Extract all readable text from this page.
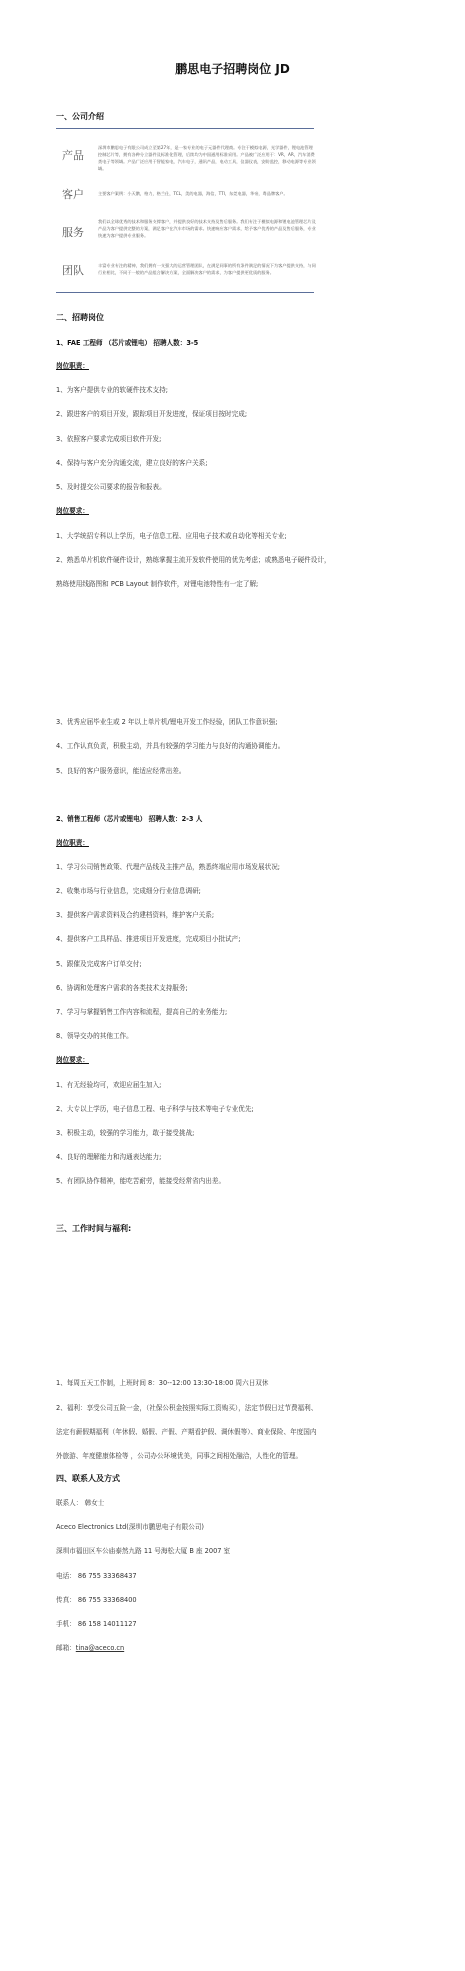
鹏思电子招聘岗位 JD
一、公司介绍
产品
深圳市鹏思电子有限公司成立至第27年，是一家专业的电子元器件代理商。专注于模拟电源，光学器件，锂电池管理控制芯片等，拥有各种分立器件及标准化管理，后续均为中国通用标准采用。产品被广泛应用于：VR，AR，汽车消费类电子等领域。产品广泛应用于智能家电，汽车电子，通讯产品，电动工具，仪器仪表，安防监控，移动电源等专业领域。
客户	主要客户案例：小天鹅，格力，格兰仕，TCL，美的电器，海信，TTI，东莞电器，华帝，粤品牌客户。
服务
我们以全球优秀的技术和服务支撑客户，并提供良好的技术支持及售后服务。我们专注于模拟电源和锂电池管理芯片及产品为客户提供完整的方案，满足客户在汽车市场的需求。快速响应客户需求，给予客户优秀的产品及售后服务，专业快速为客户提供专业服务。
团队	丰富专业专注的精神，我们拥有一支强大的运营管理团队，在满足同事的所有条件满足的情况下为客户提供支持，与同行业相比，不同于一般的产品组合解决方案，全面解决客户的需求，为客户提供更优质的服务。
二、招聘岗位
1、FAE 工程师 （芯片或锂电） 招聘人数：3-5
岗位职责：
1、为客户提供专业的软硬件技术支持;
2、跟进客户的项目开发，跟踪项目开发进度，保证项目按时完成;
3、依照客户要求完成项目软件开发;
4、保持与客户充分沟通交流，建立良好的客户关系;
5、及时提交公司要求的报告和报表。
岗位要求：
1、大学统招专科以上学历，电子信息工程、应用电子技术或自动化等相关专业;
2、熟悉单片机软件硬件设计，熟练掌握主流开发软件使用的优先考虑；或熟悉电子硬件设计，
熟练使用线路图和 PCB Layout 制作软件，对锂电池特性有一定了解;
3、优秀应届毕业生或 2 年以上单片机/锂电开发工作经验，团队工作意识强;
4、工作认真负责，积极主动，并具有较强的学习能力与良好的沟通协调能力。
5、良好的客户服务意识，能适应经常出差。
2、销售工程师（芯片或锂电） 招聘人数：2-3 人
岗位职责：
1、学习公司销售政策、代理产品线及主推产品，熟悉终端应用市场发展状况;
2、收集市场与行业信息，完成细分行业信息调研;
3、提供客户需求资料及合约建档资料，维护客户关系;
4、提供客户工具样品、推进项目开发进度，完成项目小批试产;
5、跟催及完成客户订单交付;
6、协调和处理客户需求的各类技术支持服务;
7、学习与掌握销售工作内容和流程，提高自己的业务能力;
8、领导交办的其他工作。
岗位要求：
1、有无经验均可，欢迎应届生加入;
2、大专以上学历，电子信息工程、电子科学与技术等电子专业优先;
3、积极主动，较强的学习能力，敢于接受挑战;
4、良好的理解能力和沟通表达能力;
5、有团队协作精神，能吃苦耐劳，能接受经常省内出差。
三、工作时间与福利:
1、每周五天工作制，上班时间 8：30--12:00 13:30-18:00 周六日双休
2、福利：享受公司五险一金，（社保公积金按照实际工资购买），法定节假日过节费福利、
法定有薪假期福利（年休假、婚假、产假、产期看护假、调休假等）、商业保险、年度国内
外旅游、年度健康体检等 ，公司办公环境优美，同事之间相处融洽，人性化的管理。
四、联系人及方式
联系人： 韩女士
Aceco Electronics Ltd(深圳市鹏思电子有限公司)
深圳市福田区车公庙泰然九路 11 号海松大厦 B 座 2007 室
电话： 86 755 33368437
传真： 86 755 33368400
手机： 86 158 14011127
邮箱：tina@aceco.cn
